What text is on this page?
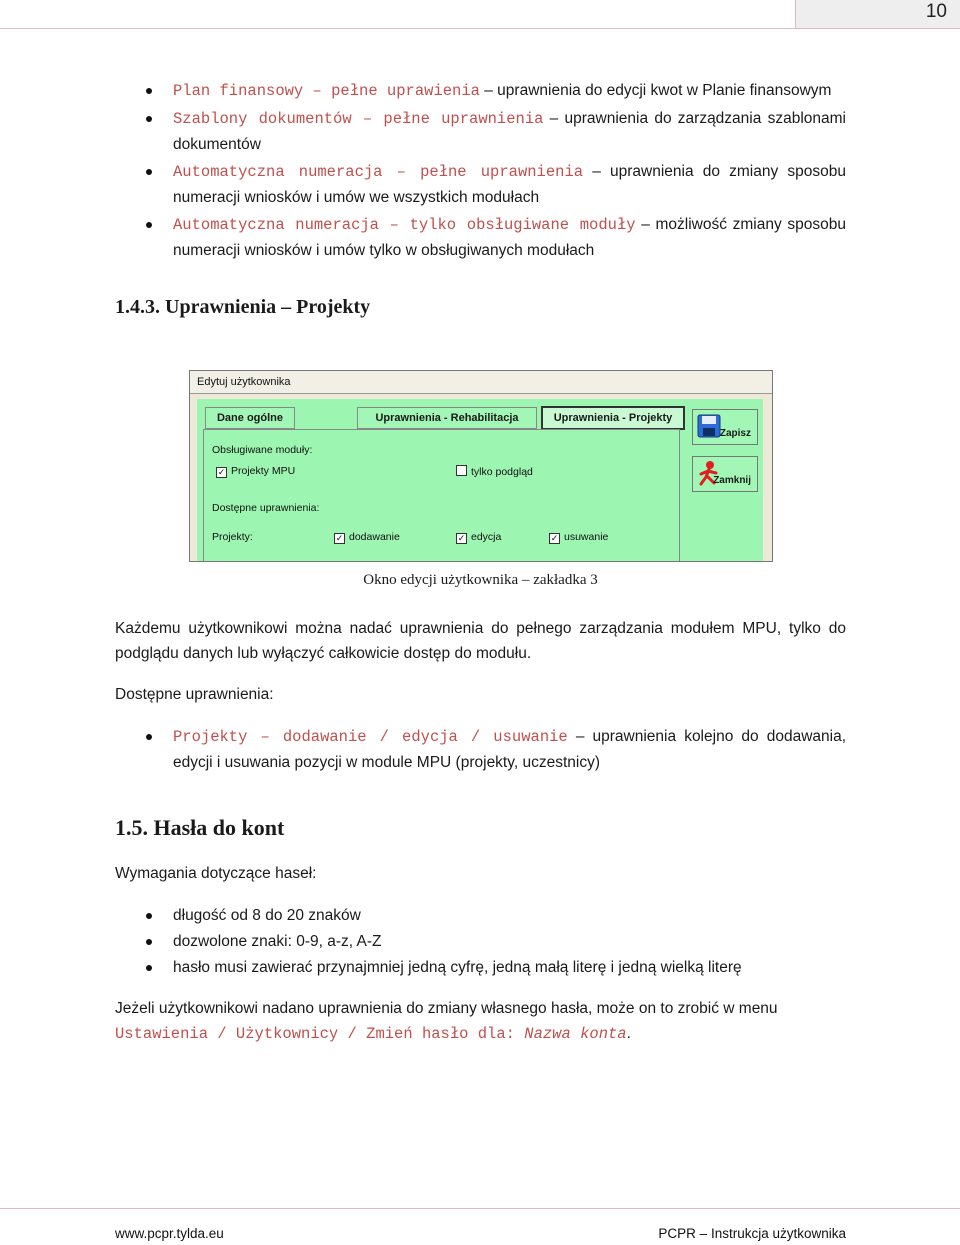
10
Plan finansowy – pełne uprawienia – uprawnienia do edycji kwot w Planie finansowym
Szablony dokumentów – pełne uprawnienia – uprawnienia do zarządzania szablonami dokumentów
Automatyczna numeracja – pełne uprawnienia – uprawnienia do zmiany sposobu numeracji wniosków i umów we wszystkich modułach
Automatyczna numeracja – tylko obsługiwane moduły – możliwość zmiany sposobu numeracji wniosków i umów tylko w obsługiwanych modułach
1.4.3. Uprawnienia – Projekty
Edytuj użytkownika
Dane ogólne	Uprawnienia - Rehabilitacja	Uprawnienia - Projekty
Obsługiwane moduły:
✓ Projekty MPU	tylko podgląd
Dostępne uprawnienia:
Projekty:	✓ dodawanie	✓ edycja	✓ usuwanie
Zapisz
Zamknij
Okno edycji użytkownika – zakładka 3
Każdemu użytkownikowi można nadać uprawnienia do pełnego zarządzania modułem MPU, tylko do podglądu danych lub wyłączyć całkowicie dostęp do modułu.
Dostępne uprawnienia:
Projekty – dodawanie / edycja / usuwanie – uprawnienia kolejno do dodawania, edycji i usuwania pozycji w module MPU (projekty, uczestnicy)
1.5. Hasła do kont
Wymagania dotyczące haseł:
długość od 8 do 20 znaków
dozwolone znaki: 0-9, a-z, A-Z
hasło musi zawierać przynajmniej jedną cyfrę, jedną małą literę i jedną wielką literę
Jeżeli użytkownikowi nadano uprawnienia do zmiany własnego hasła, może on to zrobić w menu
Ustawienia / Użytkownicy / Zmień hasło dla: Nazwa konta.
www.pcpr.tylda.eu	PCPR – Instrukcja użytkownika
